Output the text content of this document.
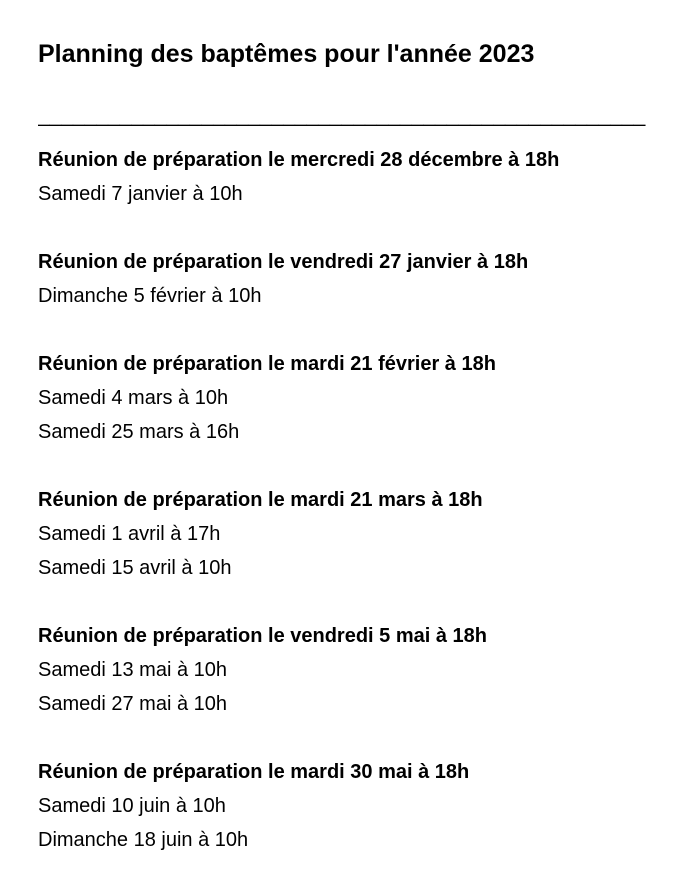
Planning des baptêmes pour l'année 2023
____________________________________________________
Réunion de préparation le mercredi 28 décembre à 18h
Samedi 7 janvier à 10h
Réunion de préparation le vendredi 27 janvier à 18h
Dimanche 5 février à 10h
Réunion de préparation le mardi 21 février à 18h
Samedi 4 mars à 10h
Samedi 25 mars à 16h
Réunion de préparation le mardi 21 mars à 18h
Samedi 1 avril à 17h
Samedi 15 avril à 10h
Réunion de préparation le vendredi 5 mai à 18h
Samedi 13 mai à 10h
Samedi 27 mai à 10h
Réunion de préparation le mardi 30 mai à 18h
Samedi 10 juin à 10h
Dimanche 18 juin à 10h
